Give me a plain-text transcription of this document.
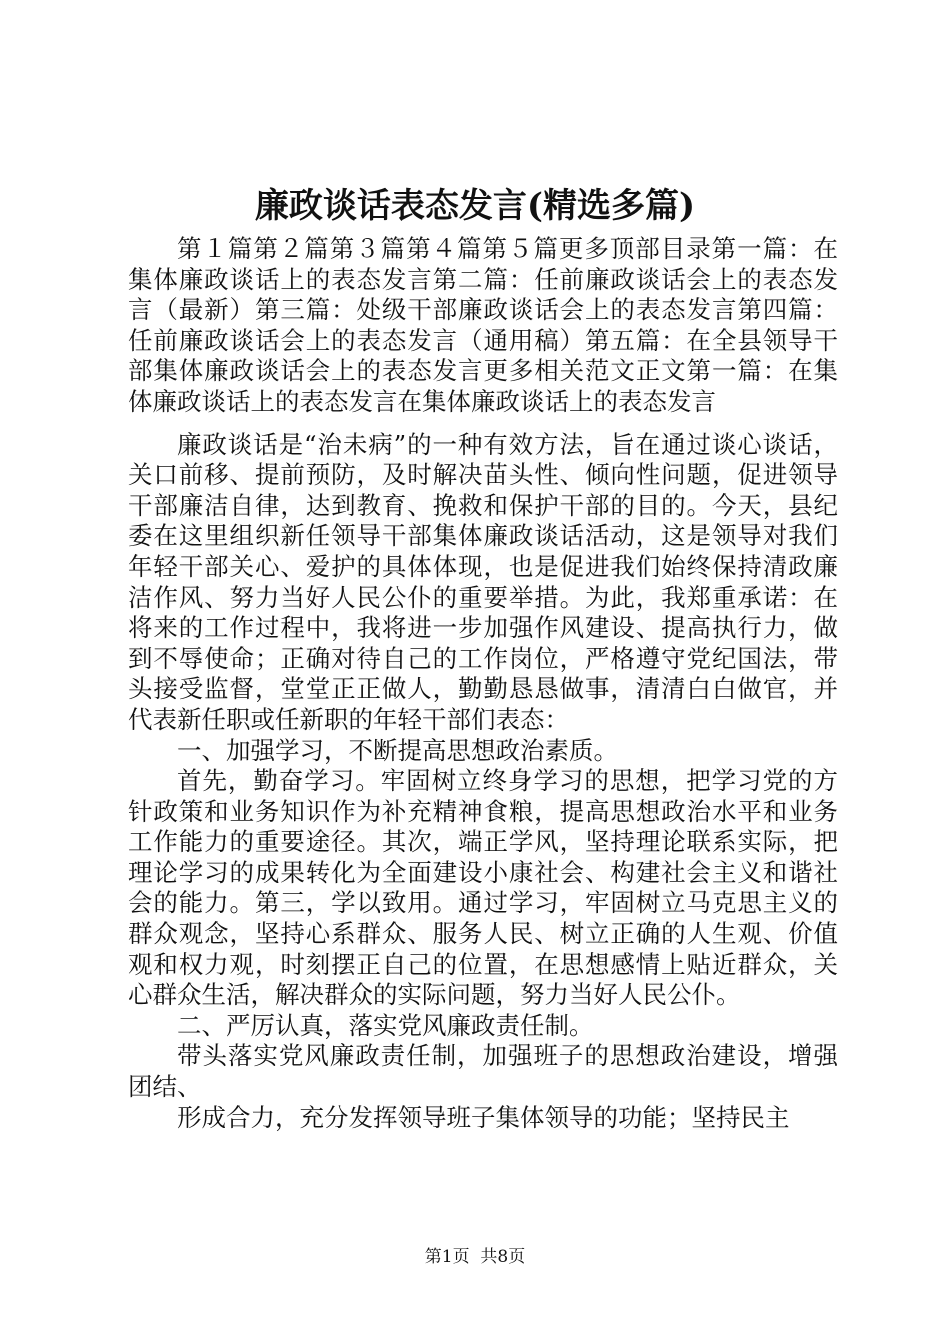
廉政谈话表态发言(精选多篇)

第１篇第２篇第３篇第４篇第５篇更多顶部目录第一篇：在集体廉政谈话上的表态发言第二篇：任前廉政谈话会上的表态发言（最新）第三篇：处级干部廉政谈话会上的表态发言第四篇：任前廉政谈话会上的表态发言（通用稿）第五篇：在全县领导干部集体廉政谈话会上的表态发言更多相关范文正文第一篇：在集体廉政谈话上的表态发言在集体廉政谈话上的表态发言

廉政谈话是“治未病”的一种有效方法，旨在通过谈心谈话，关口前移、提前预防，及时解决苗头性、倾向性问题，促进领导干部廉洁自律，达到教育、挽救和保护干部的目的。今天，县纪委在这里组织新任领导干部集体廉政谈话活动，这是领导对我们年轻干部关心、爱护的具体体现，也是促进我们始终保持清政廉洁作风、努力当好人民公仆的重要举措。为此，我郑重承诺：在将来的工作过程中，我将进一步加强作风建设、提高执行力，做到不辱使命；正确对待自己的工作岗位，严格遵守党纪国法，带头接受监督，堂堂正正做人，勤勤恳恳做事，清清白白做官，并代表新任职或任新职的年轻干部们表态：

一、加强学习，不断提高思想政治素质。

首先，勤奋学习。牢固树立终身学习的思想，把学习党的方针政策和业务知识作为补充精神食粮，提高思想政治水平和业务工作能力的重要途径。其次，端正学风，坚持理论联系实际，把理论学习的成果转化为全面建设小康社会、构建社会主义和谐社会的能力。第三，学以致用。通过学习，牢固树立马克思主义的群众观念，坚持心系群众、服务人民、树立正确的人生观、价值观和权力观，时刻摆正自己的位置，在思想感情上贴近群众，关心群众生活，解决群众的实际问题，努力当好人民公仆。

二、严厉认真，落实党风廉政责任制。

带头落实党风廉政责任制，加强班子的思想政治建设，增强团结、

形成合力，充分发挥领导班子集体领导的功能；坚持民主

第1页 共8页
